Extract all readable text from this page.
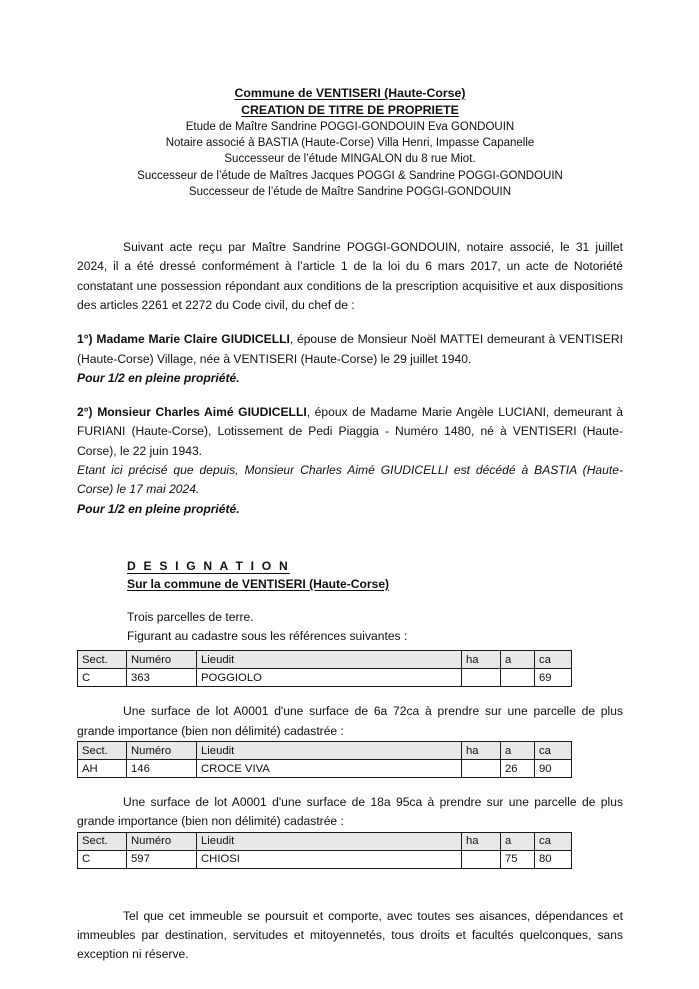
Commune de VENTISERI (Haute-Corse)
CREATION DE TITRE DE PROPRIETE
Etude de Maître Sandrine POGGI-GONDOUIN Eva GONDOUIN
Notaire associé à BASTIA (Haute-Corse) Villa Henri, Impasse Capanelle
Successeur de l’étude MINGALON du 8 rue Miot.
Successeur de l’étude de Maîtres Jacques POGGI & Sandrine POGGI-GONDOUIN
Successeur de l’étude de Maître Sandrine POGGI-GONDOUIN

Suivant acte reçu par Maître Sandrine POGGI-GONDOUIN, notaire associé, le 31 juillet 2024, il a été dressé conformément à l’article 1 de la loi du 6 mars 2017, un acte de Notoriété constatant une possession répondant aux conditions de la prescription acquisitive et aux dispositions des articles 2261 et 2272 du Code civil, du chef de :

1°) Madame Marie Claire GIUDICELLI, épouse de Monsieur Noël MATTEI demeurant à VENTISERI (Haute-Corse) Village, née à VENTISERI (Haute-Corse) le 29 juillet 1940.

Pour 1/2 en pleine propriété.

2°) Monsieur Charles Aimé GIUDICELLI, époux de Madame Marie Angèle LUCIANI, demeurant à FURIANI (Haute-Corse), Lotissement de Pedi Piaggia - Numéro 1480, né à VENTISERI (Haute-Corse), le 22 juin 1943.

Etant ici précisé que depuis, Monsieur Charles Aimé GIUDICELLI est décédé à BASTIA (Haute-Corse) le 17 mai 2024.

Pour 1/2 en pleine propriété.

D E S I G N A T I O N
Sur la commune de VENTISERI (Haute-Corse)

Trois parcelles de terre.

Figurant au cadastre sous les références suivantes :

Sect.	Numéro	Lieudit	ha	a	ca
C	363	POGGIOLO			69

Une surface de lot A0001 d'une surface de 6a 72ca à prendre sur une parcelle de plus grande importance (bien non délimité) cadastrée :

Sect.	Numéro	Lieudit	ha	a	ca
AH	146	CROCE VIVA		26	90

Une surface de lot A0001 d'une surface de 18a 95ca à prendre sur une parcelle de plus grande importance (bien non délimité) cadastrée :

Sect.	Numéro	Lieudit	ha	a	ca
C	597	CHIOSI		75	80

Tel que cet immeuble se poursuit et comporte, avec toutes ses aisances, dépendances et immeubles par destination, servitudes et mitoyennetés, tous droits et facultés quelconques, sans exception ni réserve.
